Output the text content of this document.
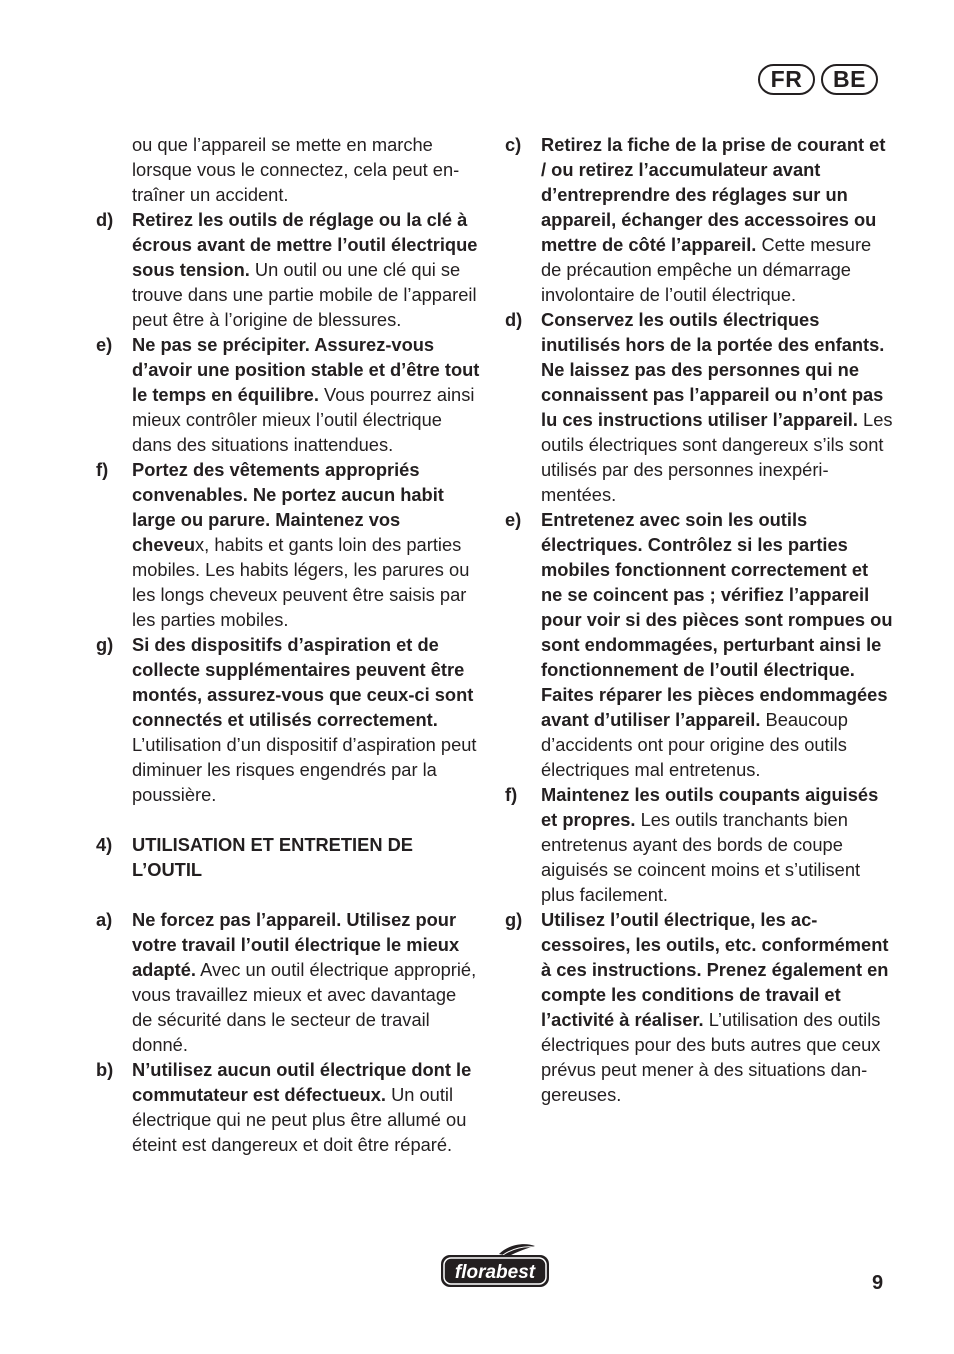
FR	BE
ou que l’appareil se mette en marche lorsque vous le connectez, cela peut entraîner un accident.
d) Retirez les outils de réglage ou la clé à écrous avant de mettre l’outil électrique sous tension. Un outil ou une clé qui se trouve dans une partie mobile de l’appareil peut être à l’origine de blessures.
e) Ne pas se précipiter. Assurez-vous d’avoir une position stable et d’être tout le temps en équilibre. Vous pourrez ainsi mieux contrôler mieux l’outil électrique dans des situations inattendues.
f) Portez des vêtements appropriés convenables. Ne portez aucun habit large ou parure. Maintenez vos cheveux, habits et gants loin des parties mobiles. Les habits légers, les parures ou les longs cheveux peuvent être saisis par les parties mobiles.
g) Si des dispositifs d’aspiration et de collecte supplémentaires peuvent être montés, assurez-vous que ceux-ci sont connectés et utilisés correctement. L’utilisation d’un dispositif d’aspiration peut diminuer les risques engendrés par la poussière.
4) UTILISATION ET ENTRETIEN DE L’OUTIL
a) Ne forcez pas l’appareil. Utilisez pour votre travail l’outil électrique le mieux adapté. Avec un outil électrique approprié, vous travaillez mieux et avec davantage de sécurité dans le secteur de travail donné.
b) N’utilisez aucun outil électrique dont le commutateur est défectueux. Un outil électrique qui ne peut plus être allumé ou éteint est dangereux et doit être réparé.
c) Retirez la fiche de la prise de courant et / ou retirez l’accumulateur avant d’entreprendre des réglages sur un appareil, échanger des accessoires ou mettre de côté l’appareil. Cette mesure de précaution empêche un démarrage involontaire de l’outil électrique.
d) Conservez les outils électriques inutilisés hors de la portée des enfants. Ne laissez pas des personnes qui ne connaissent pas l’appareil ou n’ont pas lu ces instructions utiliser l’appareil. Les outils électriques sont dangereux s’ils sont utilisés par des personnes inexpérimentées.
e) Entretenez avec soin les outils électriques. Contrôlez si les parties mobiles fonctionnent correctement et ne se coincent pas ; vérifiez l’appareil pour voir si des pièces sont rompues ou sont endommagées, perturbant ainsi le fonctionnement de l’outil électrique. Faites réparer les pièces endommagées avant d’utiliser l’appareil. Beaucoup d’accidents ont pour origine des outils électriques mal entretenus.
f) Maintenez les outils coupants aiguisés et propres. Les outils tranchants bien entretenus ayant des bords de coupe aiguisés se coincent moins et s’utilisent plus facilement.
g) Utilisez l’outil électrique, les accessoires, les outils, etc. conformément à ces instructions. Prenez également en compte les conditions de travail et l’activité à réaliser. L’utilisation des outils électriques pour des buts autres que ceux prévus peut mener à des situations dangereuses.
florabest	9
